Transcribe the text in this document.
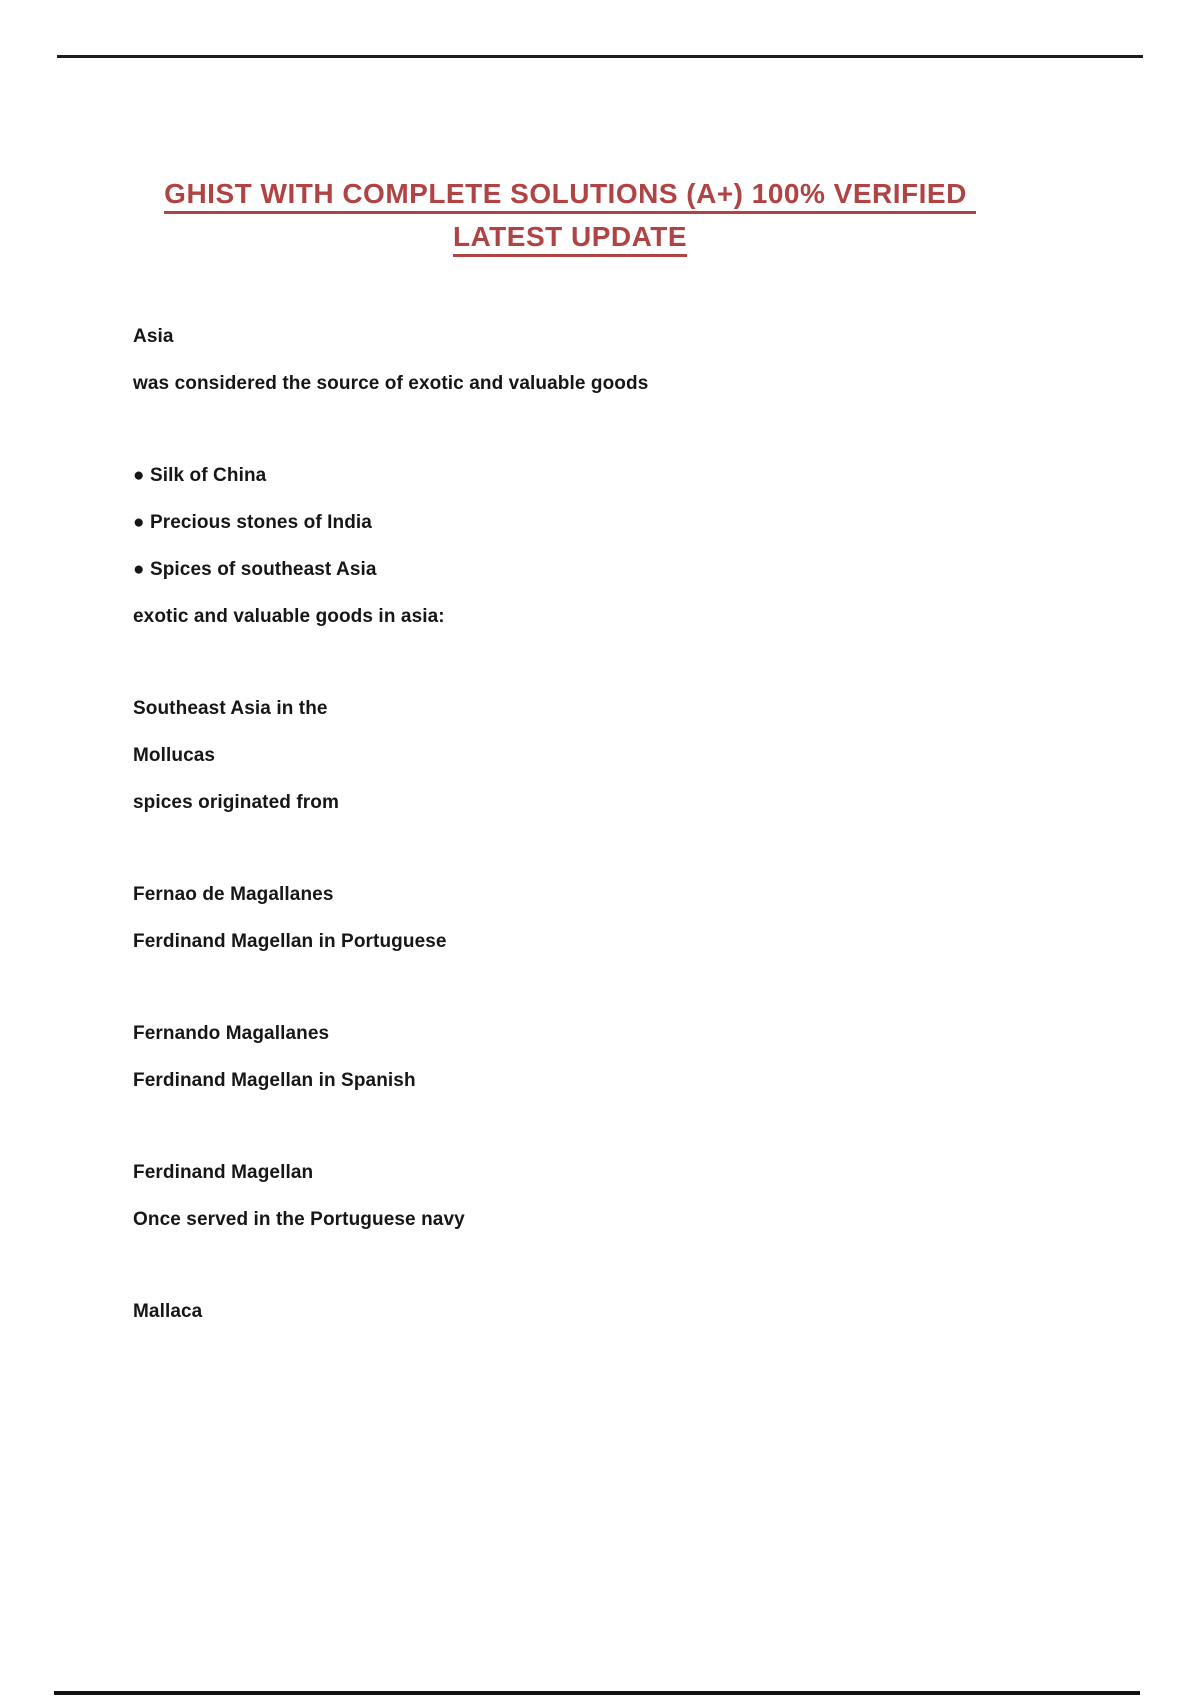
GHIST WITH COMPLETE SOLUTIONS (A+) 100% VERIFIED
LATEST UPDATE

Asia

was considered the source of exotic and valuable goods

● Silk of China

● Precious stones of India

● Spices of southeast Asia

exotic and valuable goods in asia:

Southeast Asia in the

Mollucas

spices originated from

Fernao de Magallanes

Ferdinand Magellan in Portuguese

Fernando Magallanes

Ferdinand Magellan in Spanish

Ferdinand Magellan

Once served in the Portuguese navy

Mallaca
